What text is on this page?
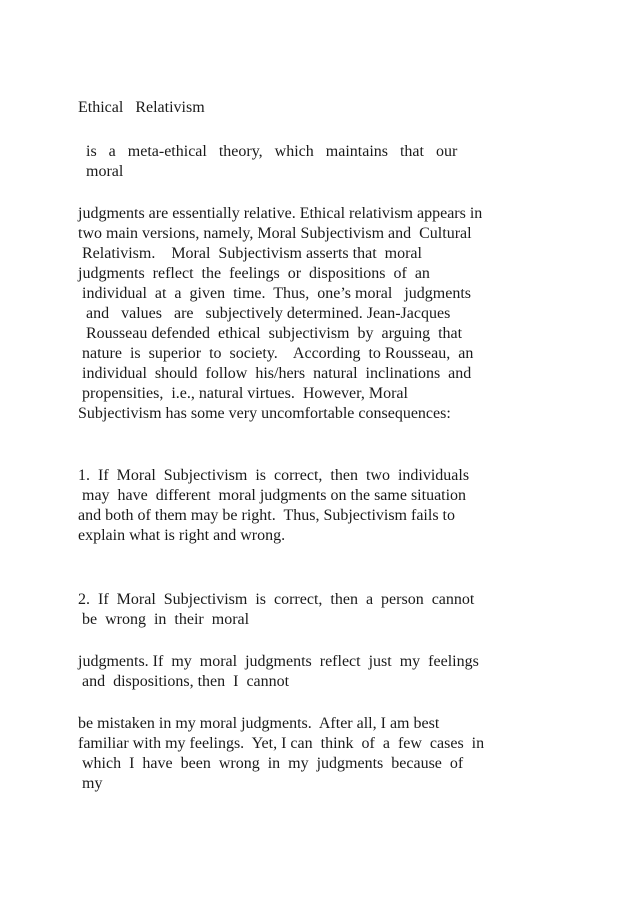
Ethical   Relativism

is   a   meta-ethical   theory,   which   maintains   that   our

moral

judgments are essentially relative. Ethical relativism appears in

two main versions, namely, Moral Subjectivism and  Cultural

Relativism.    Moral  Subjectivism asserts that  moral

judgments  reflect  the  feelings  or  dispositions  of  an

individual  at  a  given  time.  Thus,  one’s moral   judgments

and   values   are   subjectively determined. Jean-Jacques

Rousseau defended  ethical  subjectivism  by  arguing  that

nature  is  superior  to  society.    According  to Rousseau,  an

individual  should  follow  his/hers  natural  inclinations  and

propensities,  i.e., natural virtues.  However, Moral

Subjectivism has some very uncomfortable consequences:

1.  If  Moral  Subjectivism  is  correct,  then  two  individuals

may  have  different  moral judgments on the same situation

and both of them may be right.  Thus, Subjectivism fails to

explain what is right and wrong.

2.  If  Moral  Subjectivism  is  correct,  then  a  person  cannot

be  wrong  in  their  moral

judgments. If  my  moral  judgments  reflect  just  my  feelings

and  dispositions, then  I  cannot

be mistaken in my moral judgments.  After all, I am best

familiar with my feelings.  Yet, I can  think  of  a  few  cases  in

which  I  have  been  wrong  in  my  judgments  because  of

my
